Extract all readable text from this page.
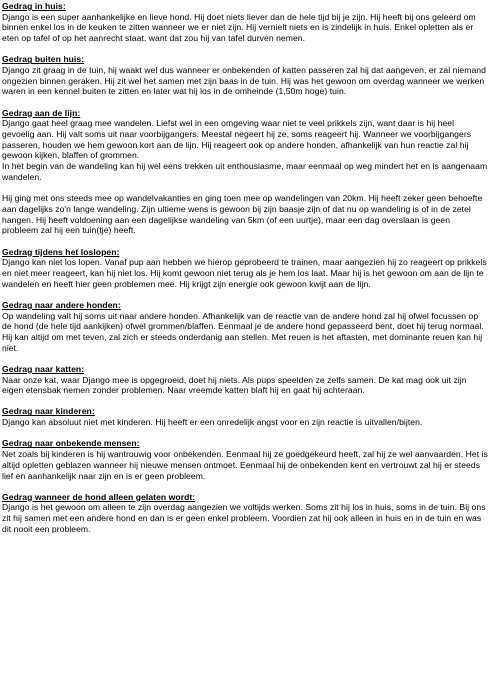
Gedrag in huis:
Django is een super aanhankelijke en lieve hond. Hij doet niets liever dan de hele tijd bij je zijn. Hij heeft bij ons geleerd om binnen enkel los in de keuken te zitten wanneer we er niet zijn. Hij vernielt niets en is zindelijk in huis. Enkel opletten als er eten op tafel of op het aanrecht staat, want dat zou hij van tafel durven nemen.
Gedrag buiten huis:
Django zit graag in de tuin, hij waakt wel dus wanneer er onbekenden of katten passeren zal hij dat aangeven, er zal niemand ongezien binnen geraken. Hij zit wel het samen met zijn baas in de tuin. Hij was het gewoon om overdag wanneer we werken waren in een kennel buiten te zitten en later wat hij los in de omheinde (1,50m hoge) tuin.
Gedrag aan de lijn:
Django gaat heel graag mee wandelen. Liefst wel in een omgeving waar niet te veel prikkels zijn, want daar is hij heel gevoelig aan. Hij valt soms uit naar voorbijgangers. Meestal negeert hij ze, soms reageert hij. Wanneer we voorbijgangers passeren, houden we hem gewoon kort aan de lijn. Hij reageert ook op andere honden, afhankelijk van hun reactie zal hij gewoon kijken, blaffen of grommen.
In het begin van de wandeling kan hij wel eens trekken uit enthousiasme, maar eenmaal op weg mindert het en is aangenaam wandelen.
Hij ging met ons steeds mee op wandelvakanties en ging toen mee op wandelingen van 20km. Hij heeft zeker geen behoefte aan dagelijks zo'n lange wandeling. Zijn ultieme wens is gewoon bij zijn baasje zijn of dat nu op wandeling is of in de zetel hangen. Hij heeft voldoening aan een dagelijkse wandeling van 5km (of een uurtje), maar een dag overslaan is geen probleem zal hij een tuin(tje) heeft.
Gedrag tijdens het loslopen:
Django kan niet los lopen. Vanaf pup aan hebben we hierop geprobeerd te trainen, maar aangezien hij zo reageert op prikkels en niet meer reageert, kan hij niet los. Hij komt gewoon niet terug als je hem los laat. Maar hij is het gewoon om aan de lijn te wandelen en heeft hier geen problemen mee. Hij krijgt zijn energie ook gewoon kwijt aan de lijn.
Gedrag naar andere honden:
Op wandeling valt hij soms uit naar andere honden. Afhankelijk van de reactie van de andere hond zal hij ofwel focussen op de hond (de hele tijd aankijken) ofwel grommen/blaffen. Eenmaal je de andere hond gepasseerd bent, doet hij terug normaal.
Hij kan altijd om met teven, zal zich er steeds onderdanig aan stellen. Met reuen is het aftasten, met dominante reuen kan hij niet.
Gedrag naar katten:
Naar onze kat, waar Django mee is opgegroeid, doet hij niets. Als pups speelden ze zelfs samen. De kat mag ook uit zijn eigen etensbak nemen zonder problemen. Naar vreemde katten blaft hij en gaat hij achteraan.
Gedrag naar kinderen:
Django kan absoluut niet met kinderen. Hij heeft er een onredelijk angst voor en zijn reactie is uitvallen/bijten.
Gedrag naar onbekende mensen:
Net zoals bij kinderen is hij wantrouwig voor onbekenden. Eenmaal hij ze goedgekeurd heeft, zal hij ze wel aanvaarden. Het is altijd opletten geblazen wanneer hij nieuwe mensen ontmoet. Eenmaal hij de onbekenden kent en vertrouwt zal hij er steeds lief en aanhankelijk naar zijn en is er geen probleem.
Gedrag wanneer de hond alleen gelaten wordt:
Django is het gewoon om alleen te zijn overdag aangezien we voltijds werken. Soms zit hij los in huis, soms in de tuin. Bij ons zit hij samen met een andere hond en dan is er geen enkel probleem. Voordien zat hij ook alleen in huis en in de tuin en was dit nooit een probleem.
